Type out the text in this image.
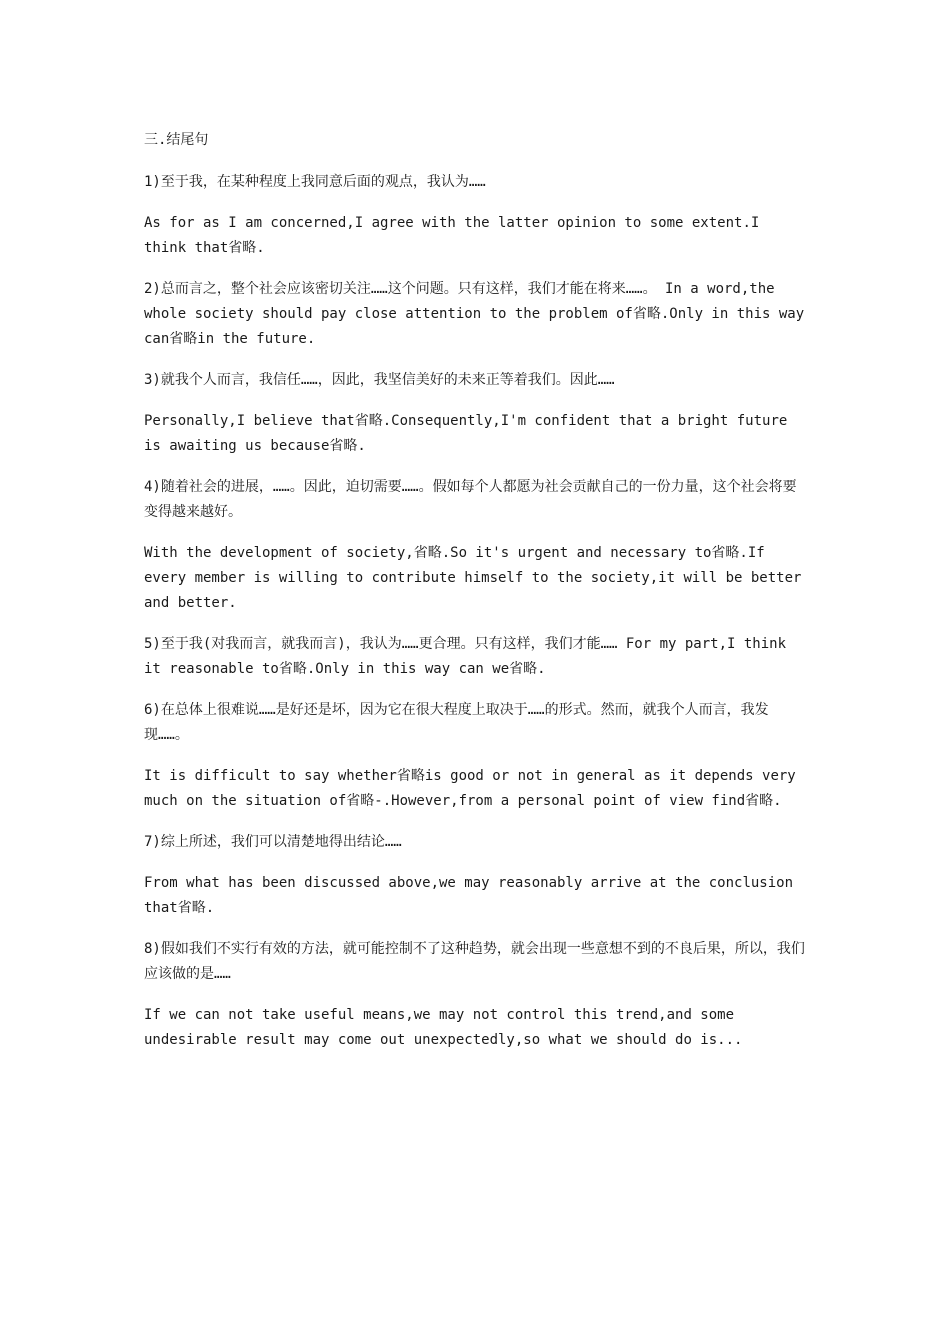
三.结尾句

1)至于我，在某种程度上我同意后面的观点，我认为……

As for as I am concerned,I agree with the latter opinion to some extent.I think that省略.

2)总而言之，整个社会应该密切关注……这个问题。只有这样，我们才能在将来……。 In a word,the whole society should pay close attention to the problem of省略.Only in this way can省略in the future.

3)就我个人而言，我信任……，因此，我坚信美好的未来正等着我们。因此……

Personally,I believe that省略.Consequently,I'm confident that a bright future is awaiting us because省略.

4)随着社会的进展，……。因此，迫切需要……。假如每个人都愿为社会贡献自己的一份力量，这个社会将要变得越来越好。

With the development of society,省略.So it's urgent and necessary to省略.If every member is willing to contribute himself to the society,it will be better and better.

5)至于我(对我而言，就我而言)，我认为……更合理。只有这样，我们才能…… For my part,I think it reasonable to省略.Only in this way can we省略.

6)在总体上很难说……是好还是坏，因为它在很大程度上取决于……的形式。然而，就我个人而言，我发现……。

It is difficult to say whether省略is good or not in general as it depends very much on the situation of省略-.However,from a personal point of view find省略.

7)综上所述，我们可以清楚地得出结论……

From what has been discussed above,we may reasonably arrive at the conclusion that省略.

8)假如我们不实行有效的方法，就可能控制不了这种趋势，就会出现一些意想不到的不良后果，所以，我们应该做的是……

If we can not take useful means,we may not control this trend,and some undesirable result may come out unexpectedly,so what we should do is...
